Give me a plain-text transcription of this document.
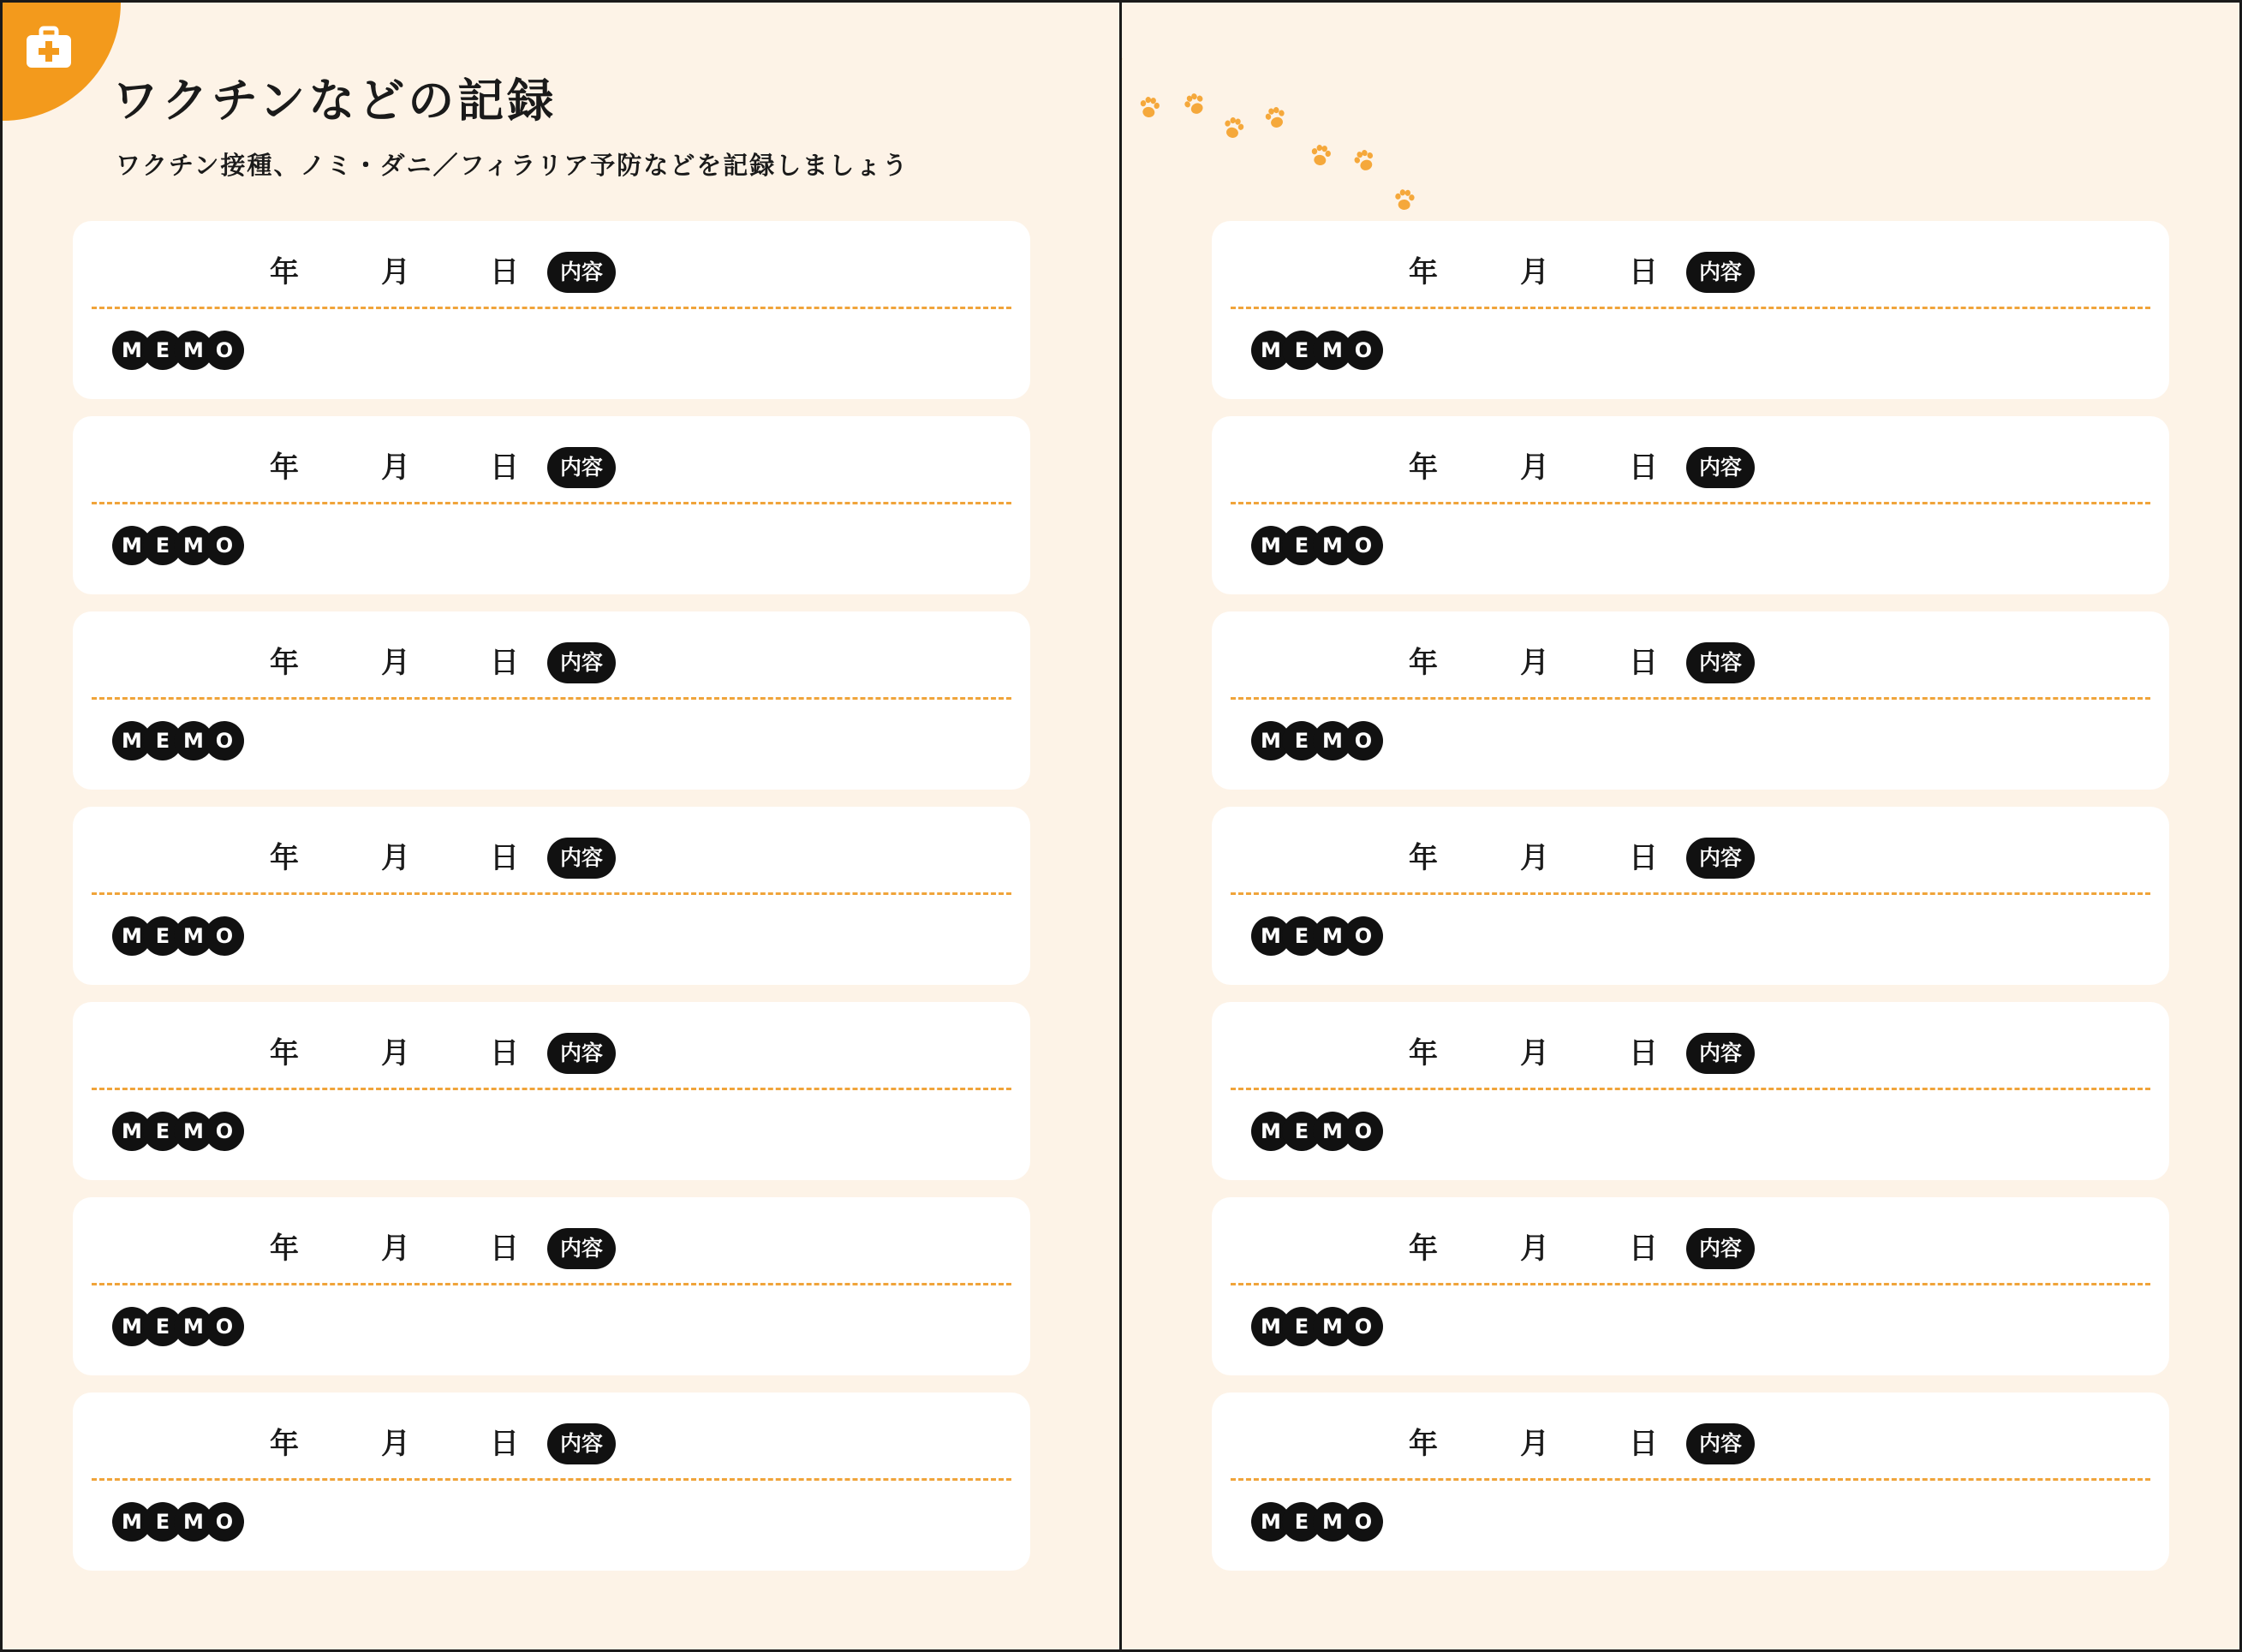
ワクチンなどの記録
ワクチン接種、ノミ・ダニ／フィラリア予防などを記録しましょう
年	月	日	内容
M E M O
年	月	日	内容
M E M O
年	月	日	内容
M E M O
年	月	日	内容
M E M O
年	月	日	内容
M E M O
年	月	日	内容
M E M O
年	月	日	内容
M E M O
年	月	日	内容
M E M O
年	月	日	内容
M E M O
年	月	日	内容
M E M O
年	月	日	内容
M E M O
年	月	日	内容
M E M O
年	月	日	内容
M E M O
年	月	日	内容
M E M O
